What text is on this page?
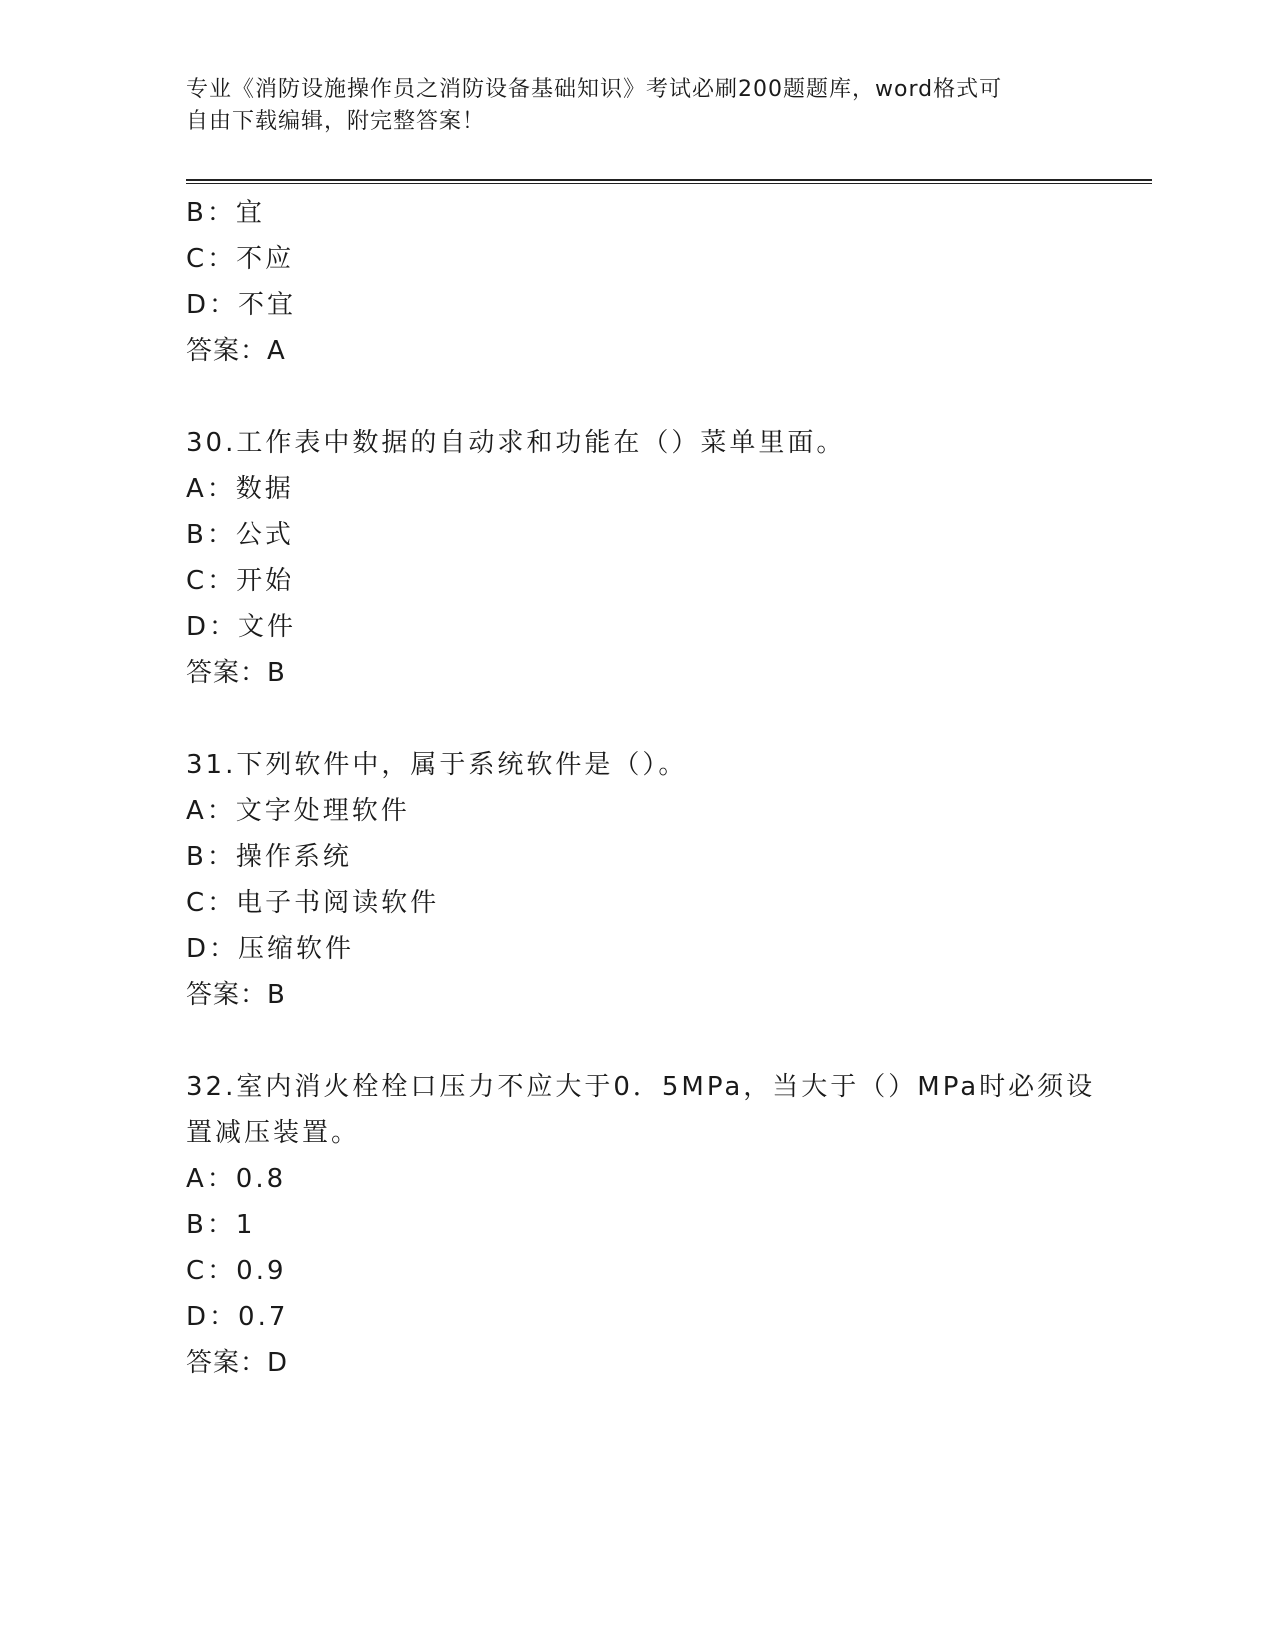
专业《消防设施操作员之消防设备基础知识》考试必刷200题题库，word格式可
自由下载编辑，附完整答案！
B：宜
C：不应
D：不宜
答案：A
30.工作表中数据的自动求和功能在（）菜单里面。
A：数据
B：公式
C：开始
D：文件
答案：B
31.下列软件中，属于系统软件是（）。
A：文字处理软件
B：操作系统
C：电子书阅读软件
D：压缩软件
答案：B
32.室内消火栓栓口压力不应大于0．5MPa，当大于（）MPa时必须设
置减压装置。
A：0.8
B：1
C：0.9
D：0.7
答案：D
